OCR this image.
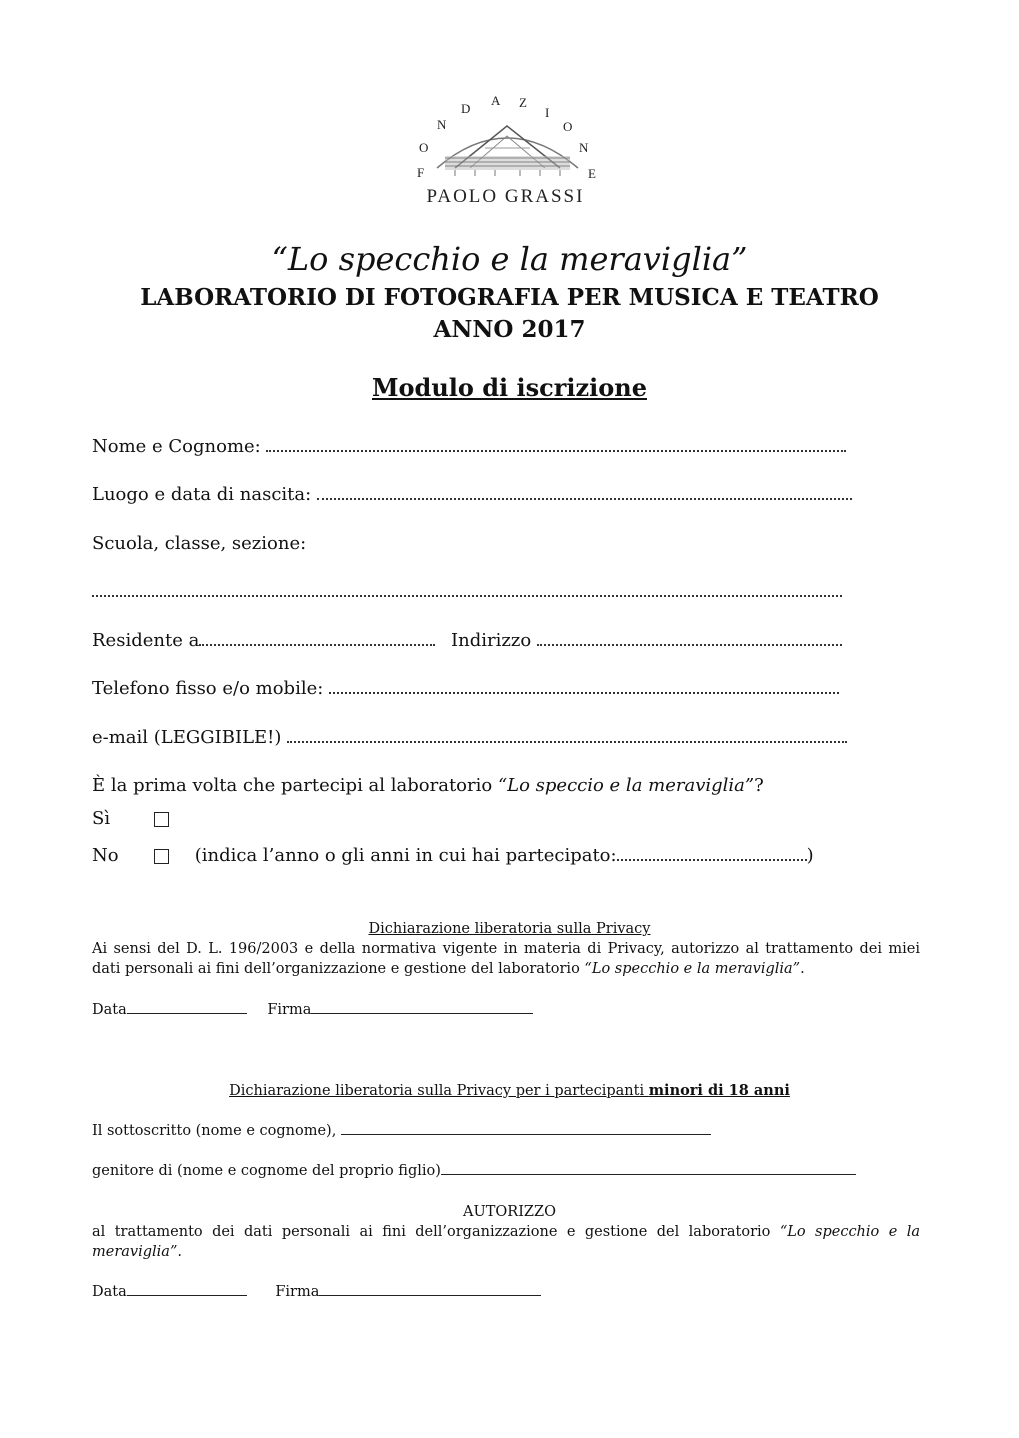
F
O
N
D
A Z
I
O
N
E
PAOLO GRASSI
“Lo specchio e la meraviglia”
LABORATORIO DI FOTOGRAFIA PER MUSICA E TEATRO
ANNO 2017
Modulo di iscrizione
Nome e Cognome:
Luogo e data di nascita:
Scuola, classe, sezione:
Residente a	Indirizzo
Telefono fisso e/o mobile:
e-mail (LEGGIBILE!)
È la prima volta che partecipi al laboratorio “Lo speccio e la meraviglia”?
Sì
No	(indica l’anno o gli anni in cui hai partecipato:	)
Dichiarazione liberatoria sulla Privacy
Ai sensi del D. L. 196/2003 e della normativa vigente in materia di Privacy, autorizzo al trattamento dei miei dati personali ai fini dell’organizzazione e gestione del laboratorio “Lo specchio e la meraviglia”.
Data	Firma
Dichiarazione liberatoria sulla Privacy per i partecipanti minori di 18 anni
Il sottoscritto (nome e cognome),
genitore di (nome e cognome del proprio figlio)
AUTORIZZO
al trattamento dei dati personali ai fini dell’organizzazione e gestione del laboratorio “Lo specchio e la meraviglia”.
Data	Firma
